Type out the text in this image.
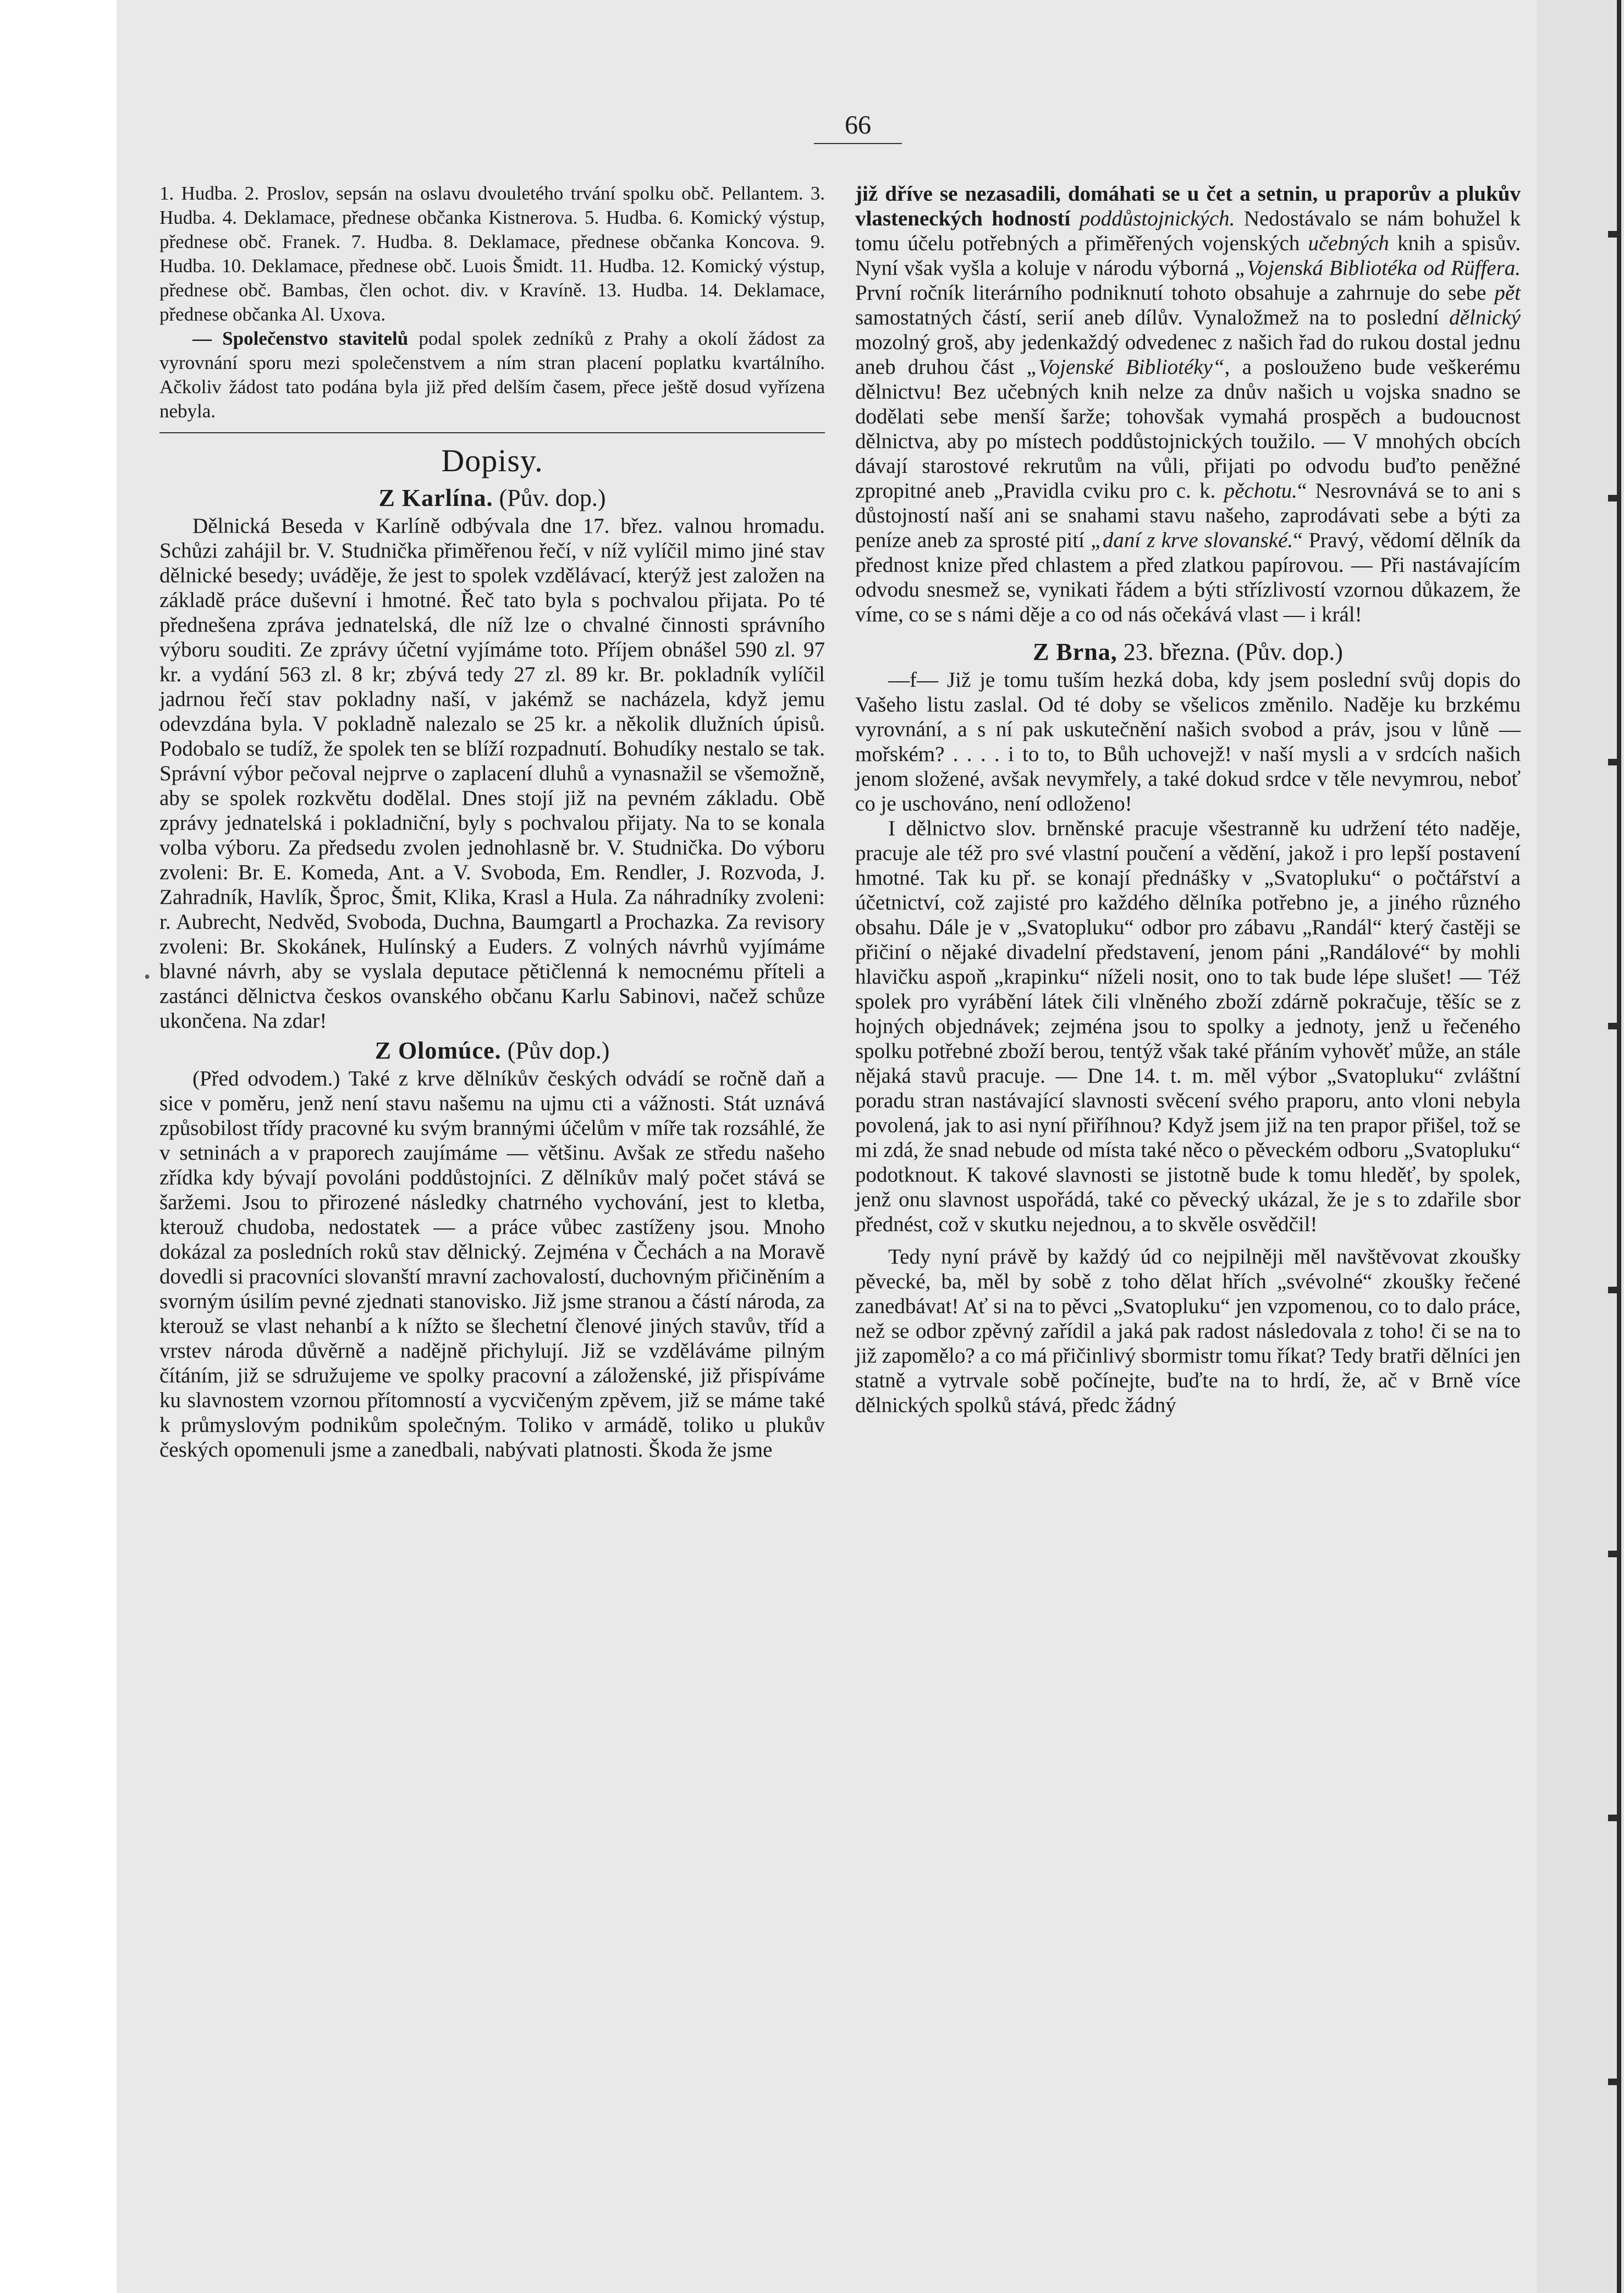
66
•

1. Hudba. 2. Proslov, sepsán na oslavu dvouletého trvání spolku obč. Pellantem. 3. Hudba. 4. Deklamace, přednese občanka Kistnerova. 5. Hudba. 6. Komický výstup, přednese obč. Franek. 7. Hudba. 8. Deklamace, přednese občanka Koncova. 9. Hudba. 10. Deklamace, přednese obč. Luois Šmidt. 11. Hudba. 12. Komický výstup, přednese obč. Bambas, člen ochot. div. v Kravíně. 13. Hudba. 14. Deklamace, přednese občanka Al. Uxova.

— Společenstvo stavitelů podal spolek zedníků z Prahy a okolí žádost za vyrovnání sporu mezi společenstvem a ním stran placení poplatku kvartálního. Ačkoliv žádost tato podána byla již před delším časem, přece ještě dosud vyřízena nebyla.

Dopisy.
Z Karlína. (Pův. dop.)

Dělnická Beseda v Karlíně odbývala dne 17. břez. valnou hromadu. Schůzi zahájil br. V. Studnička přiměřenou řečí, v níž vylíčil mimo jiné stav dělnické besedy; uváděje, že jest to spolek vzdělávací, kterýž jest založen na základě práce duševní i hmotné. Řeč tato byla s pochvalou přijata. Po té přednešena zpráva jednatelská, dle níž lze o chvalné činnosti správního výboru souditi. Ze zprávy účetní vyjímáme toto. Příjem obnášel 590 zl. 97 kr. a vydání 563 zl. 8 kr; zbývá tedy 27 zl. 89 kr. Br. pokladník vylíčil jadrnou řečí stav pokladny naší, v jakémž se nacházela, když jemu odevzdána byla. V pokladně nalezalo se 25 kr. a několik dlužních úpisů. Podobalo se tudíž, že spolek ten se blíží rozpadnutí. Bohudíky nestalo se tak. Správní výbor pečoval nejprve o zaplacení dluhů a vynasnažil se všemožně, aby se spolek rozkvětu dodělal. Dnes stojí již na pevném základu. Obě zprávy jednatelská i pokladniční, byly s pochvalou přijaty. Na to se konala volba výboru. Za předsedu zvolen jednohlasně br. V. Studnička. Do výboru zvoleni: Br. E. Komeda, Ant. a V. Svoboda, Em. Rendler, J. Rozvoda, J. Zahradník, Havlík, Šproc, Šmit, Klika, Krasl a Hula. Za náhradníky zvoleni: r. Aubrecht, Nedvěd, Svoboda, Duchna, Baumgartl a Prochazka. Za revisory zvoleni: Br. Skokánek, Hulínský a Euders. Z volných návrhů vyjímáme blavné návrh, aby se vyslala deputace pětičlenná k nemocnému příteli a zastánci dělnictva českos ovanského občanu Karlu Sabinovi, načež schůze ukončena. Na zdar!

Z Olomúce. (Pův dop.)

(Před odvodem.) Také z krve dělníkův českých odvádí se ročně daň a sice v poměru, jenž není stavu našemu na ujmu cti a vážnosti. Stát uznává způsobilost třídy pracovné ku svým brannými účelům v míře tak rozsáhlé, že v setninách a v praporech zaujímáme — většinu. Avšak ze středu našeho zřídka kdy bývají povoláni poddůstojníci. Z dělníkův malý počet stává se šaržemi. Jsou to přirozené následky chatrného vychování, jest to kletba, kterouž chudoba, nedostatek — a práce vůbec zastíženy jsou. Mnoho dokázal za posledních roků stav dělnický. Zejména v Čechách a na Moravě dovedli si pracovníci slovanští mravní zachovalostí, duchovným přičiněním a svorným úsilím pevné zjednati stanovisko. Již jsme stranou a částí národa, za kterouž se vlast nehanbí a k nížto se šlechetní členové jiných stavův, tříd a vrstev národa důvěrně a nadějně přichylují. Již se vzděláváme pilným čítáním, již se sdružujeme ve spolky pracovní a záloženské, již přispíváme ku slavnostem vzornou přítomností a vycvičeným zpěvem, již se máme také k průmyslovým podnikům společným. Toliko v armádě, toliko u plukův českých opomenuli jsme a zanedbali, nabývati platnosti. Škoda že jsme

již dříve se nezasadili, domáhati se u čet a setnin, u praporův a plukův vlasteneckých hodností poddůstojnických. Nedostávalo se nám bohužel k tomu účelu potřebných a přiměřených vojenských učebných knih a spisův. Nyní však vyšla a koluje v národu výborná „Vojenská Bibliotéka od Rüffera. První ročník literárního podniknutí tohoto obsahuje a zahrnuje do sebe pět samostatných částí, serií aneb dílův. Vynaložmež na to poslední dělnický mozolný groš, aby jedenkaždý odvedenec z našich řad do rukou dostal jednu aneb druhou část „Vojenské Bibliotéky“, a poslouženo bude veškerému dělnictvu! Bez učebných knih nelze za dnův našich u vojska snadno se dodělati sebe menší šarže; tohovšak vymahá prospěch a budoucnost dělnictva, aby po místech poddůstojnických toužilo. — V mnohých obcích dávají starostové rekrutům na vůli, přijati po odvodu buďto peněžné zpropitné aneb „Pravidla cviku pro c. k. pěchotu.“ Nesrovnává se to ani s důstojností naší ani se snahami stavu našeho, zaprodávati sebe a býti za peníze aneb za sprosté pití „daní z krve slovanské.“ Pravý, vědomí dělník da přednost knize před chlastem a před zlatkou papírovou. — Při nastávajícím odvodu snesmež se, vynikati řádem a býti střízlivostí vzornou důkazem, že víme, co se s námi děje a co od nás očekává vlast — i král!

Z Brna, 23. března. (Pův. dop.)

—f— Již je tomu tuším hezká doba, kdy jsem poslední svůj dopis do Vašeho listu zaslal. Od té doby se všelicos změnilo. Naděje ku brzkému vyrovnání, a s ní pak uskutečnění našich svobod a práv, jsou v lůně — mořském? . . . . i to to, to Bůh uchovejž! v naší mysli a v srdcích našich jenom složené, avšak nevymřely, a také dokud srdce v těle nevymrou, neboť co je uschováno, není odloženo!

I dělnictvo slov. brněnské pracuje všestranně ku udržení této naděje, pracuje ale též pro své vlastní poučení a vědění, jakož i pro lepší postavení hmotné. Tak ku př. se konají přednášky v „Svatopluku“ o počtářství a účetnictví, což zajisté pro každého dělníka potřebno je, a jiného různého obsahu. Dále je v „Svatopluku“ odbor pro zábavu „Randál“ který častěji se přičiní o nějaké divadelní představení, jenom páni „Randálové“ by mohli hlavičku aspoň „krapinku“ níželi nosit, ono to tak bude lépe slušet! — Též spolek pro vyrábění látek čili vlněného zboží zdárně pokračuje, těšíc se z hojných objednávek; zejména jsou to spolky a jednoty, jenž u řečeného spolku potřebné zboží berou, tentýž však také přáním vyhověť může, an stále nějaká stavů pracuje. — Dne 14. t. m. měl výbor „Svatopluku“ zvláštní poradu stran nastávající slavnosti svěcení svého praporu, anto vloni nebyla povolená, jak to asi nyní přiříhnou? Když jsem již na ten prapor přišel, tož se mi zdá, že snad nebude od místa také něco o pěveckém odboru „Svatopluku“ podotknout. K takové slavnosti se jistotně bude k tomu hleděť, by spolek, jenž onu slavnost uspořádá, také co pěvecký ukázal, že je s to zdařile sbor přednést, což v skutku nejednou, a to skvěle osvědčil!

Tedy nyní právě by každý úd co nejpilněji měl navštěvovat zkoušky pěvecké, ba, měl by sobě z toho dělat hřích „svévolné“ zkoušky řečené zanedbávat! Ať si na to pěvci „Svatopluku“ jen vzpomenou, co to dalo práce, než se odbor zpěvný zařídil a jaká pak radost následovala z toho! či se na to již zapomělo? a co má přičinlivý sbormistr tomu říkat? Tedy bratři dělníci jen statně a vytrvale sobě počínejte, buďte na to hrdí, že, ač v Brně více dělnických spolků stává, předc žádný
